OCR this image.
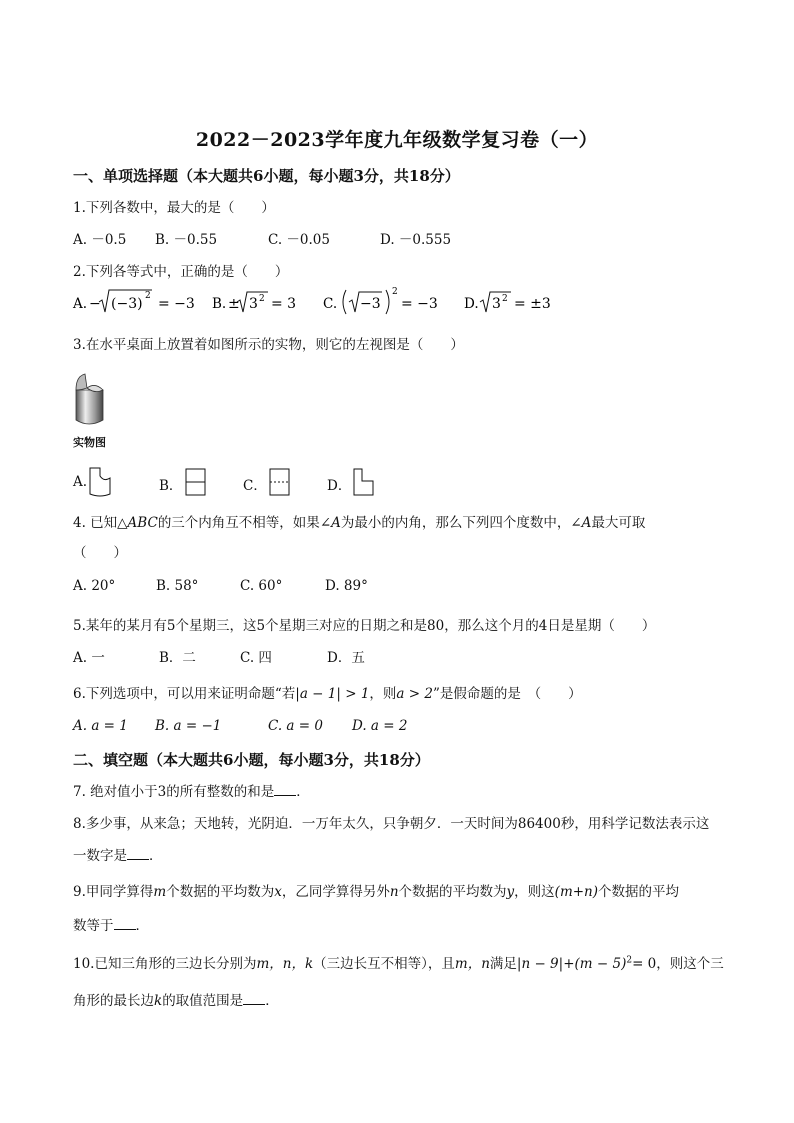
2022－2023学年度九年级数学复习卷（一）
一、单项选择题（本大题共6小题，每小题3分，共18分）
1.下列各数中，最大的是（　　）
A. －0.5 B. －0.55	C. －0.05	D. －0.555
2.下列各等式中，正确的是（　　）
A. − (−3) 2 = −3 B. ± 3 2 = 3 C. −3
2
= −3 D. 3 2 = ±3
3.在水平桌面上放置着如图所示的实物，则它的左视图是（　　）
实物图
A.	B．	C．	D．
4. 已知△ABC的三个内角互不相等，如果∠A为最小的内角，那么下列四个度数中，∠A最大可取
（　　）
A. 20°	B. 58°	C. 60°	D. 89°
5.某年的某月有5个星期三，这5个星期三对应的日期之和是80，那么这个月的4日是星期（　　）
A. 一	B．二	C. 四	D．五
6.下列选项中，可以用来证明命题“若|a − 1| > 1，则a > 2”是假命题的是　（　　）
A. a = 1 B. a = −1	C. a = 0 D. a = 2
二、填空题（本大题共6小题，每小题3分，共18分）
7. 绝对值小于3的所有整数的和是 ．
8.多少事，从来急；天地转，光阴迫．一万年太久，只争朝夕．一天时间为86400秒，用科学记数法表示这
一数字是 ．
9.甲同学算得m个数据的平均数为x，乙同学算得另外n个数据的平均数为y，则这(m+n)个数据的平均
数等于 ．
10.已知三角形的三边长分别为m，n，k（三边长互不相等），且m，n满足$|n - 9|+(m - 5)^2= 0$，则这个三
角形的最长边k的取值范围是 ．
